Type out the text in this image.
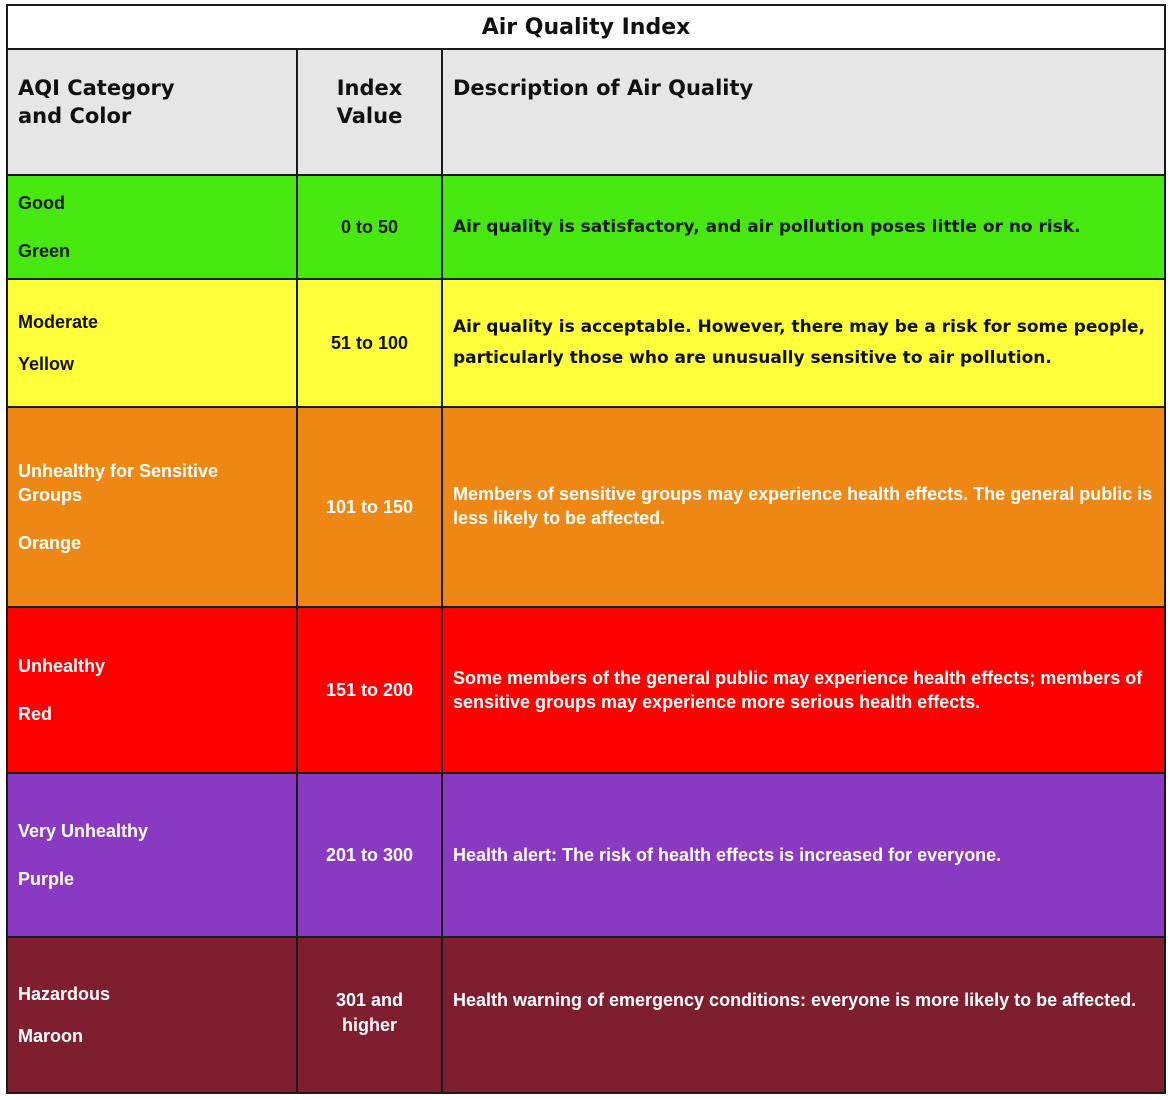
Air Quality Index		

AQI Category and Color	Index Value	Description of Air Quality

Good
Green	0 to 50	Air quality is satisfactory, and air pollution poses little or no risk.

Moderate
Yellow	51 to 100	Air quality is acceptable. However, there may be a risk for some people, particularly those who are unusually sensitive to air pollution.

Unhealthy for Sensitive Groups
Orange	101 to 150	Members of sensitive groups may experience health effects. The general public is less likely to be affected.

Unhealthy
Red	151 to 200	Some members of the general public may experience health effects; members of sensitive groups may experience more serious health effects.

Very Unhealthy
Purple	201 to 300	Health alert: The risk of health effects is increased for everyone.

Hazardous
Maroon	301 and higher	Health warning of emergency conditions: everyone is more likely to be affected.
